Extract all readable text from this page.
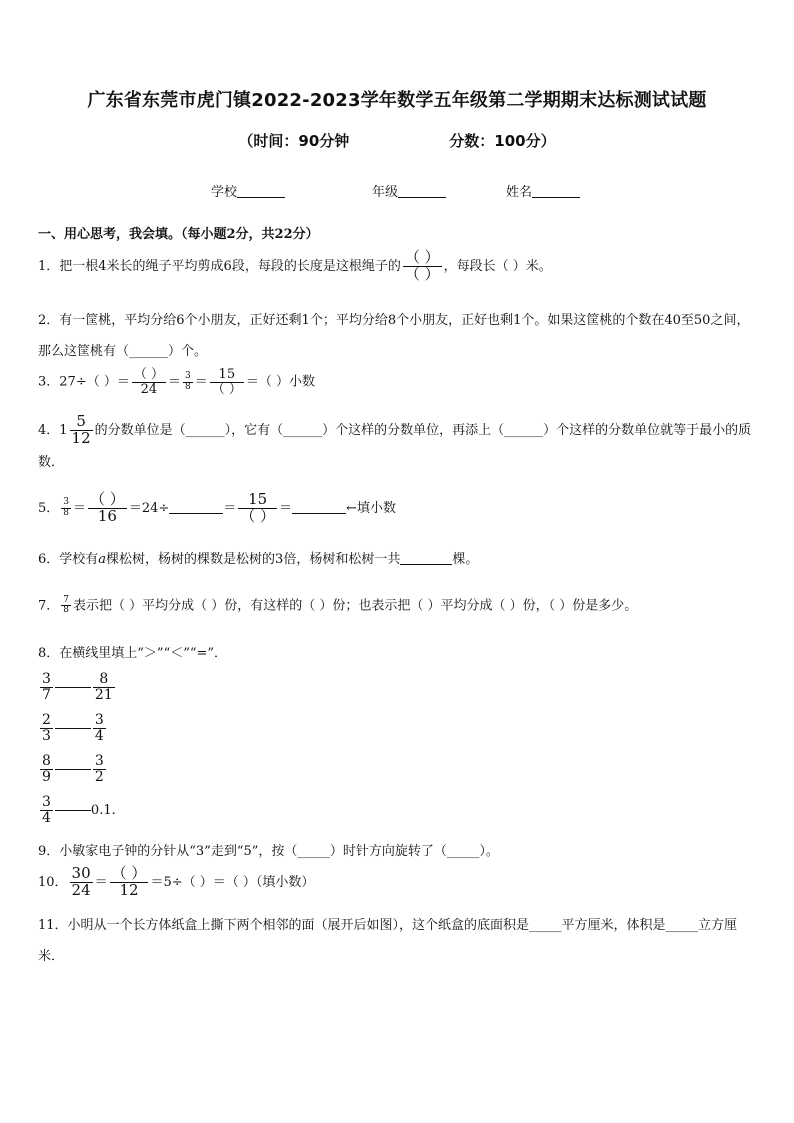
广东省东莞市虎门镇2022-2023学年数学五年级第二学期期末达标测试试题
（时间：90分钟	分数：100分）
学校	年级	姓名
一、用心思考，我会填。（每小题2分，共22分）
1．把一根4米长的绳子平均剪成6段，每段的长度是这根绳子的 $\frac{( )}{( )}$ ，每段长（ ）米。
2．有一筐桃，平均分给6个小朋友，正好还剩1个；平均分给8个小朋友，正好也剩1个。如果这筐桃的个数在40至50之间，那么这筐桃有（______）个。
3．27÷（ ）＝ $\frac{( )}{24} = \frac{3}{8} = \frac{15}{( )}$ ＝（ ）小数
4．$1 \frac{5}{12}$ 的分数单位是（______），它有（______）个这样的分数单位，再添上（______）个这样的分数单位就等于最小的质数．
5． $\frac{3}{8} = \frac{( )}{16} =24\div$	＝ $\frac{15}{( )}$ ＝	←填小数
6．学校有a棵松树，杨树的棵数是松树的3倍，杨树和松树一共	棵。
7． $\frac{7}{8}$ 表示把（ ）平均分成（ ）份，有这样的（ ）份；也表示把（ ）平均分成（ ）份，（ ）份是多少。
8．在横线里填上“＞”“＜”“=”．
$\frac{3}{7}$	$\frac{8}{21}$
$\frac{2}{3}$	$\frac{3}{4}$
$\frac{8}{9}$	$\frac{3}{2}$
$\frac{3}{4}$	0.1.
9．小敏家电子钟的分针从“3”走到“5”，按（_____）时针方向旋转了（_____）。
10． $\frac{30}{24} = \frac{( )}{12} =5\div$（ ）＝（ ）（填小数）
11．小明从一个长方体纸盒上撕下两个相邻的面（展开后如图），这个纸盒的底面积是_____平方厘米，体积是_____立方厘米．
